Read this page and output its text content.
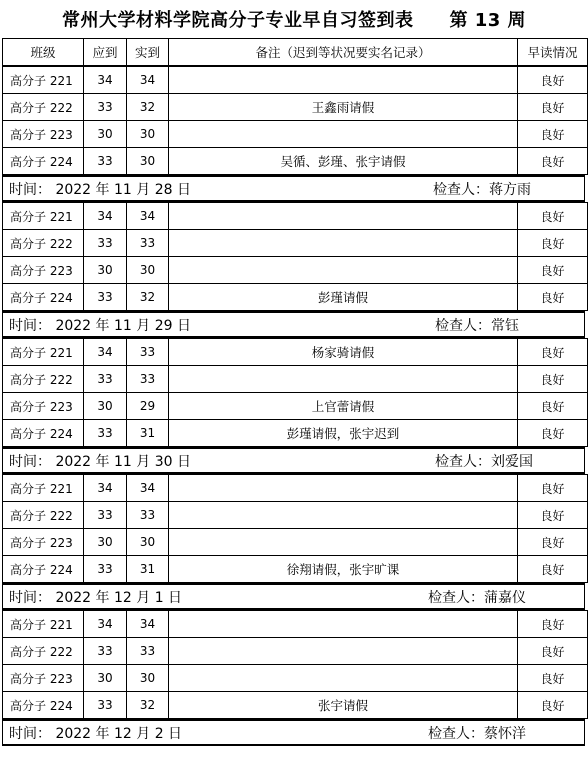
常州大学材料学院高分子专业早自习签到表 第 13 周
班级	应到	实到	备注（迟到等状况要实名记录）	早读情况
高分子 221	34	34		良好
高分子 222	33	32	王鑫雨请假	良好
高分子 223	30	30		良好
高分子 224	33	30	吴循、彭瑾、张宇请假	良好
时间： 2022 年 11 月 28 日	检查人：蒋方雨
高分子 221	34	34		良好
高分子 222	33	33		良好
高分子 223	30	30		良好
高分子 224	33	32	彭瑾请假	良好
时间： 2022 年 11 月 29 日	检查人：常钰
高分子 221	34	33	杨家骑请假	良好
高分子 222	33	33		良好
高分子 223	30	29	上官蕾请假	良好
高分子 224	33	31	彭瑾请假，张宇迟到	良好
时间： 2022 年 11 月 30 日	检查人：刘爱国
高分子 221	34	34		良好
高分子 222	33	33		良好
高分子 223	30	30		良好
高分子 224	33	31	徐翔请假，张宇旷课	良好
时间： 2022 年 12 月 1 日	检查人：蒲嘉仪
高分子 221	34	34		良好
高分子 222	33	33		良好
高分子 223	30	30		良好
高分子 224	33	32	张宇请假	良好
时间： 2022 年 12 月 2 日	检查人：蔡怀洋
